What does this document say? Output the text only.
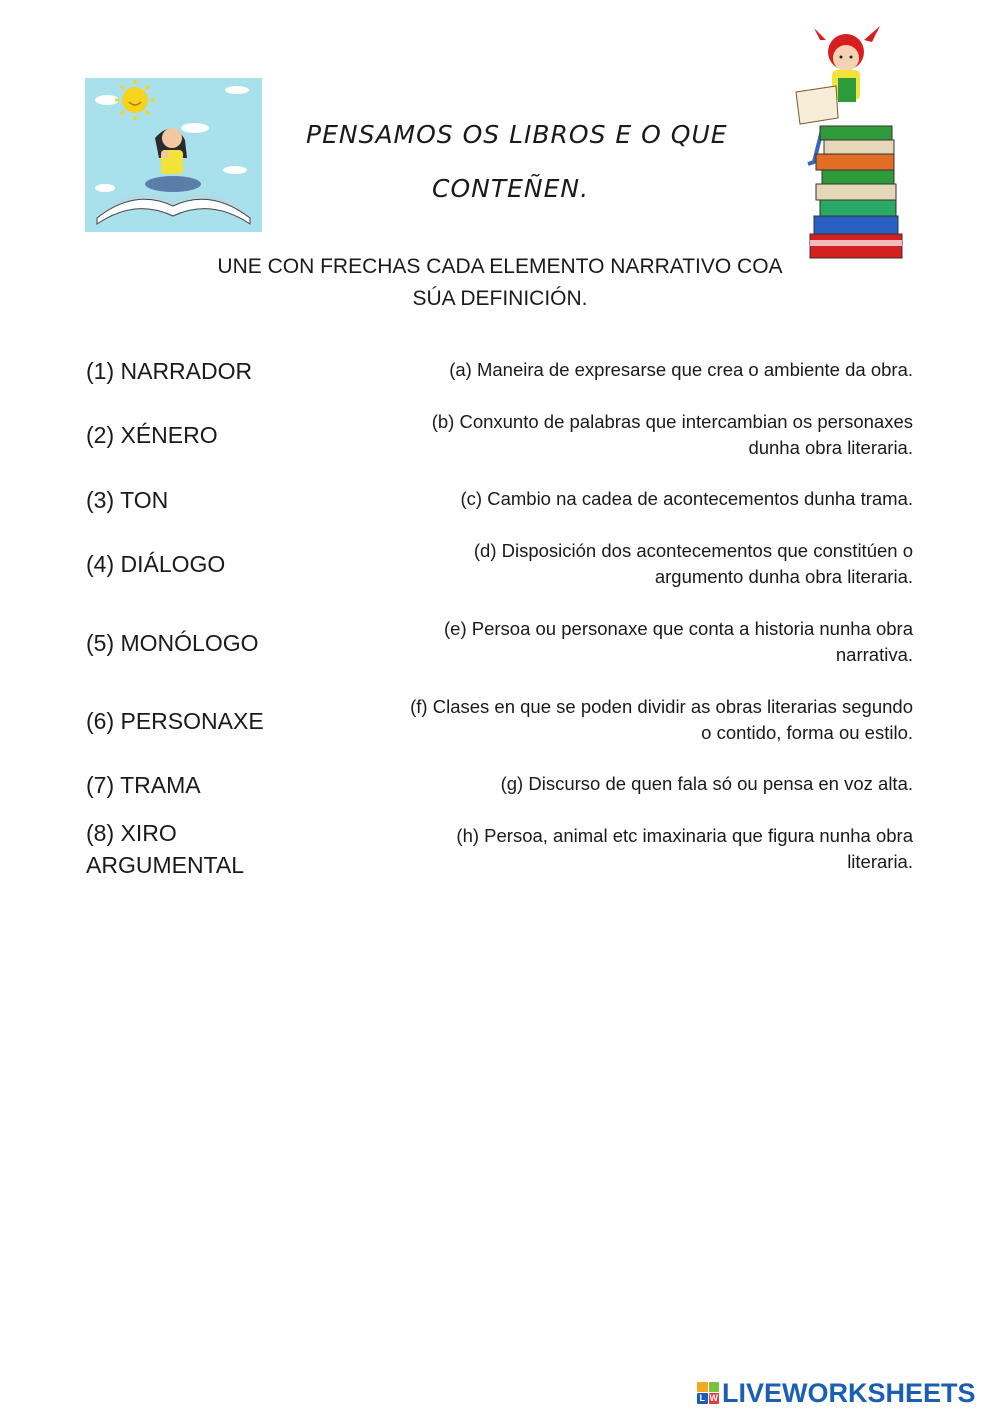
PENSAMOS OS LIBROS E O QUE
CONTEÑEN.
UNE CON FRECHAS CADA ELEMENTO NARRATIVO COA
SÚA DEFINICIÓN.
(1) NARRADOR
(2) XÉNERO
(3) TON
(4) DIÁLOGO
(5) MONÓLOGO
(6) PERSONAXE
(7) TRAMA
(8) XIRO
ARGUMENTAL
(a) Maneira de expresarse que crea o ambiente da obra.
(b) Conxunto de palabras que intercambian os personaxes
dunha obra literaria.
(c) Cambio na cadea de acontecementos dunha trama.
(d) Disposición dos acontecementos que constitúen o
argumento dunha obra literaria.
(e) Persoa ou personaxe que conta a historia nunha obra
narrativa.
(f) Clases en que se poden dividir as obras literarias segundo
o contido, forma ou estilo.
(g) Discurso de quen fala só ou pensa en voz alta.
(h) Persoa, animal etc imaxinaria que figura nunha obra
literaria.
L W LIVEWORKSHEETS
